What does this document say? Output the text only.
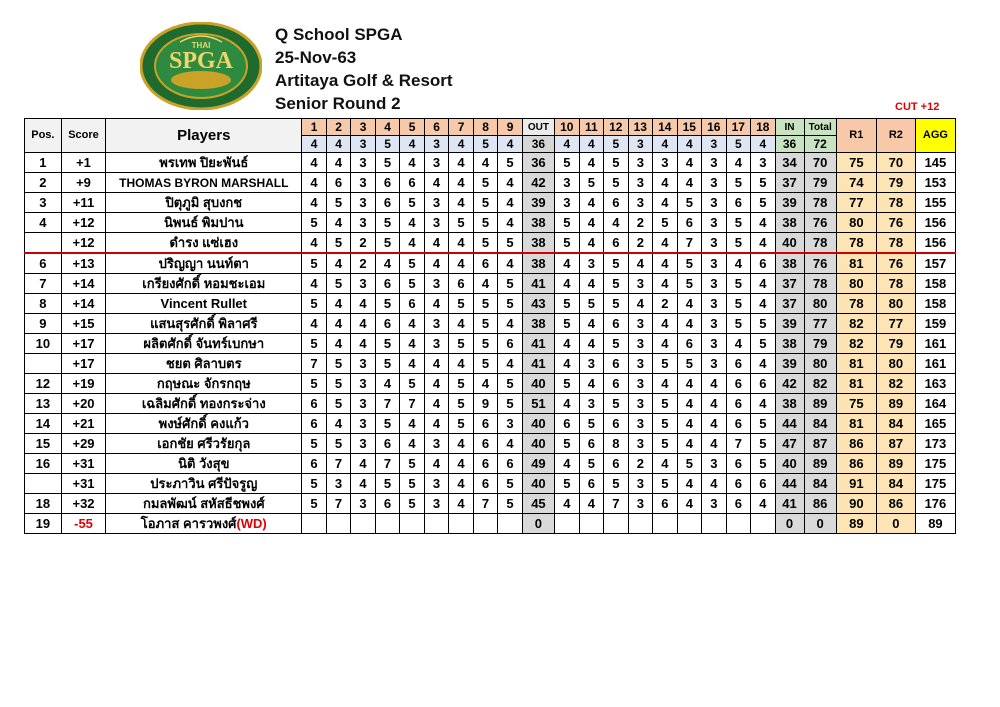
SPGA
THAI
Q School SPGA
25-Nov-63
Artitaya Golf & Resort
Senior Round 2	CUT +12
Pos.	Score	Players	1	2	3	4	5	6	7	8	9	OUT	10	11	12	13	14	15	16	17	18	IN	Total	R1	R2	AGG
			4	4	3	5	4	3	4	5	4	36	4	4	5	3	4	4	3	5	4	36	72			
1	+1	พรเทพ ปิยะพันธ์	4	4	3	5	4	3	4	4	5	36	5	4	5	3	3	4	3	4	3	34	70	75	70	145
2	+9	THOMAS BYRON MARSHALL	4	6	3	6	6	4	4	5	4	42	3	5	5	3	4	4	3	5	5	37	79	74	79	153
3	+11	ปิตุภูมิ สุบงกช	4	5	3	6	5	3	4	5	4	39	3	4	6	3	4	5	3	6	5	39	78	77	78	155
4	+12	นิพนธ์ พิมปาน	5	4	3	5	4	3	5	5	4	38	5	4	4	2	5	6	3	5	4	38	76	80	76	156
	+12	ดำรง แซ่เฮง	4	5	2	5	4	4	4	5	5	38	5	4	6	2	4	7	3	5	4	40	78	78	78	156
6	+13	ปริญญา นนท์ตา	5	4	2	4	5	4	4	6	4	38	4	3	5	4	4	5	3	4	6	38	76	81	76	157
7	+14	เกรียงศักดิ์ หอมชะเอม	4	5	3	6	5	3	6	4	5	41	4	4	5	3	4	5	3	5	4	37	78	80	78	158
8	+14	Vincent Rullet	5	4	4	5	6	4	5	5	5	43	5	5	5	4	2	4	3	5	4	37	80	78	80	158
9	+15	แสนสุรศักดิ์ พิลาศรี	4	4	4	6	4	3	4	5	4	38	5	4	6	3	4	4	3	5	5	39	77	82	77	159
10	+17	ผลิตศักดิ์ จันทร์เบกษา	5	4	4	5	4	3	5	5	6	41	4	4	5	3	4	6	3	4	5	38	79	82	79	161
	+17	ชยต ศิลาบตร	7	5	3	5	4	4	4	5	4	41	4	3	6	3	5	5	3	6	4	39	80	81	80	161
12	+19	กฤษณะ จักรกฤษ	5	5	3	4	5	4	5	4	5	40	5	4	6	3	4	4	4	6	6	42	82	81	82	163
13	+20	เฉลิมศักดิ์ ทองกระจ่าง	6	5	3	7	7	4	5	9	5	51	4	3	5	3	5	4	4	6	4	38	89	75	89	164
14	+21	พงษ์ศักดิ์ คงแก้ว	6	4	3	5	4	4	5	6	3	40	6	5	6	3	5	4	4	6	5	44	84	81	84	165
15	+29	เอกชัย ศรีวรัยกุล	5	5	3	6	4	3	4	6	4	40	5	6	8	3	5	4	4	7	5	47	87	86	87	173
16	+31	นิติ วังสุข	6	7	4	7	5	4	4	6	6	49	4	5	6	2	4	5	3	6	5	40	89	86	89	175
	+31	ประภาวิน ศรีปัจรูญ	5	3	4	5	5	3	4	6	5	40	5	6	5	3	5	4	4	6	6	44	84	91	84	175
18	+32	กมลพัฒน์ สหัสธีชพงศ์	5	7	3	6	5	3	4	7	5	45	4	4	7	3	6	4	3	6	4	41	86	90	86	176
19	-55	โอภาส คารวพงศ์(WD)										0										0	0	89	0	89
